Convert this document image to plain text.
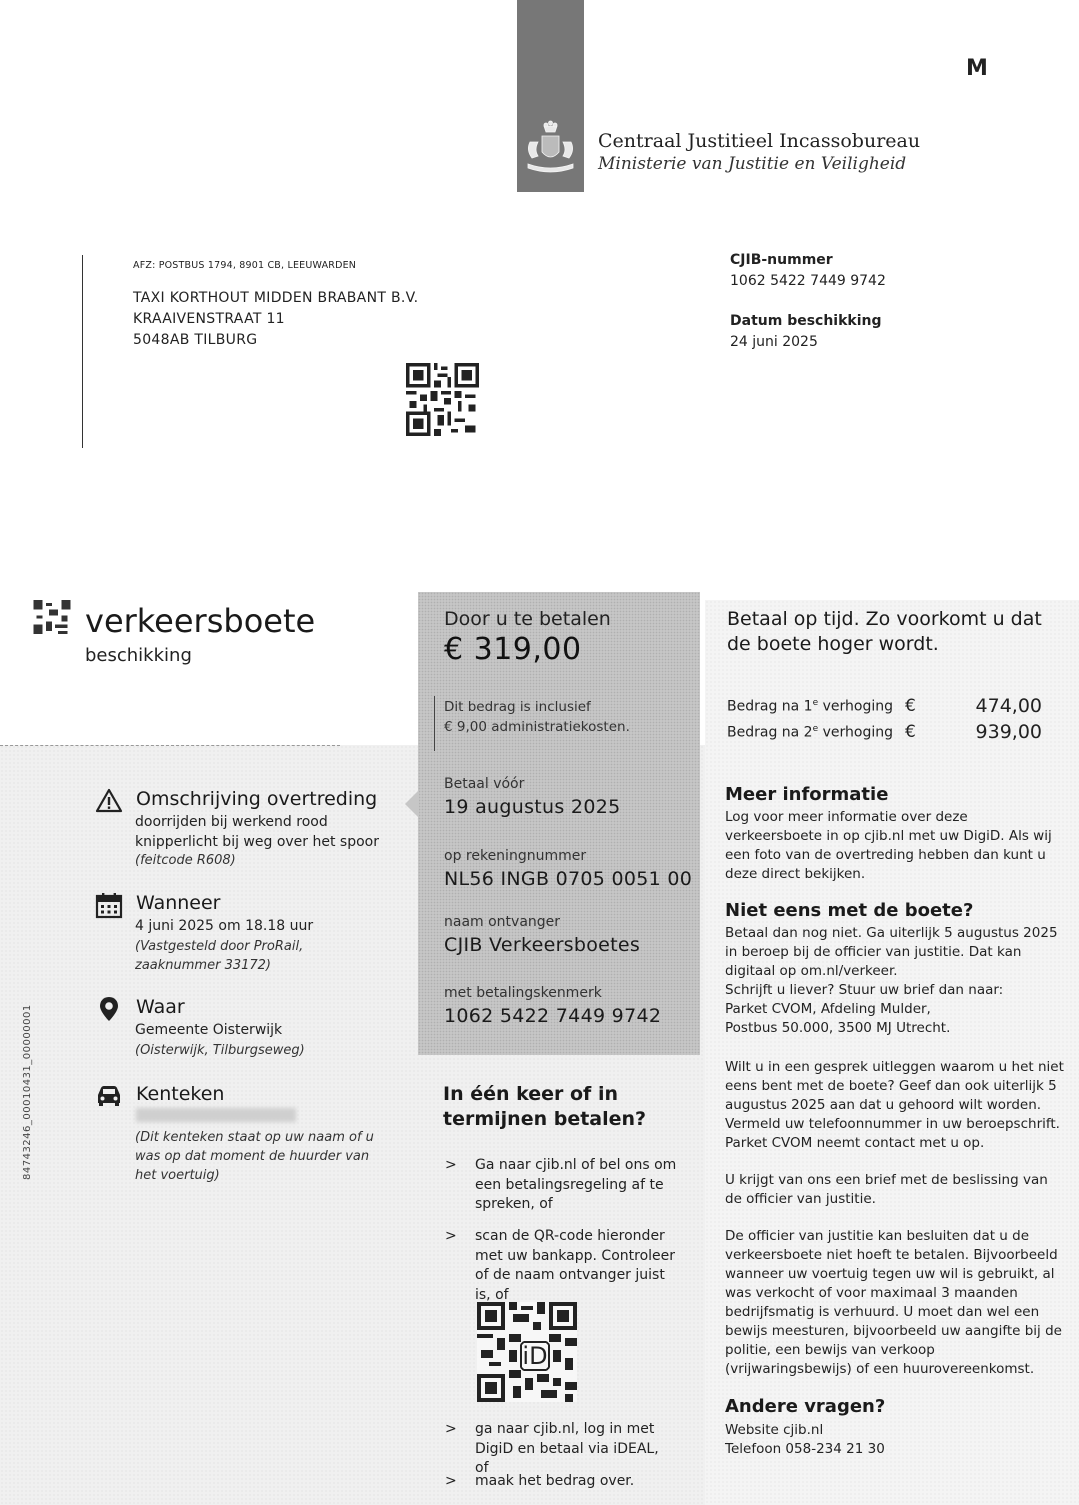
Centraal Justitieel Incassobureau
Ministerie van Justitie en Veiligheid
M
AFZ: POSTBUS 1794, 8901 CB, LEEUWARDEN
TAXI KORTHOUT MIDDEN BRABANT B.V.
KRAAIVENSTRAAT 11
5048AB TILBURG
CJIB-nummer
1062 5422 7449 9742
Datum beschikking
24 juni 2025
verkeersboete
beschikking
Door u te betalen
€ 319,00
Dit bedrag is inclusief
€ 9,00 administratiekosten.
Betaal vóór
19 augustus 2025
op rekeningnummer
NL56 INGB 0705 0051 00
naam ontvanger
CJIB Verkeersboetes
met betalingskenmerk
1062 5422 7449 9742
Betaal op tijd. Zo voorkomt u dat de boete hoger wordt.
Bedrag na 1e verhoging €	474,00
Bedrag na 2e verhoging €	939,00
Meer informatie
Log voor meer informatie over deze verkeersboete in op cjib.nl met uw DigiD. Als wij een foto van de overtreding hebben dan kunt u deze direct bekijken.
Niet eens met de boete?
Betaal dan nog niet. Ga uiterlijk 5 augustus 2025 in beroep bij de officier van justitie. Dat kan digitaal op om.nl/verkeer.
Schrijft u liever? Stuur uw brief dan naar:
Parket CVOM, Afdeling Mulder,
Postbus 50.000, 3500 MJ Utrecht.
Wilt u in een gesprek uitleggen waarom u het niet eens bent met de boete? Geef dan ook uiterlijk 5 augustus 2025 aan dat u gehoord wilt worden. Vermeld uw telefoonnummer in uw beroepschrift. Parket CVOM neemt contact met u op.
U krijgt van ons een brief met de beslissing van de officier van justitie.
De officier van justitie kan besluiten dat u de verkeersboete niet hoeft te betalen. Bijvoorbeeld wanneer uw voertuig tegen uw wil is gebruikt, al was verkocht of voor maximaal 3 maanden bedrijfsmatig is verhuurd. U moet dan wel een bewijs meesturen, bijvoorbeeld uw aangifte bij de politie, een bewijs van verkoop (vrijwaringsbewijs) of een huurovereenkomst.
Andere vragen?
Website cjib.nl
Telefoon 058-234 21 30
Omschrijving overtreding
doorrijden bij werkend rood knipperlicht bij weg over het spoor
(feitcode R608)
Wanneer
4 juni 2025 om 18.18 uur
(Vastgesteld door ProRail, zaaknummer 33172)
Waar
Gemeente Oisterwijk
(Oisterwijk, Tilburgseweg)
Kenteken
(Dit kenteken staat op uw naam of u was op dat moment de huurder van het voertuig)
In één keer of in termijnen betalen?
> Ga naar cjib.nl of bel ons om een betalingsregeling af te spreken, of
> scan de QR-code hieronder met uw bankapp. Controleer of de naam ontvanger juist is, of
iD
> ga naar cjib.nl, log in met DigiD en betaal via iDEAL, of
> maak het bedrag over.
84743246_00010431_00000001
